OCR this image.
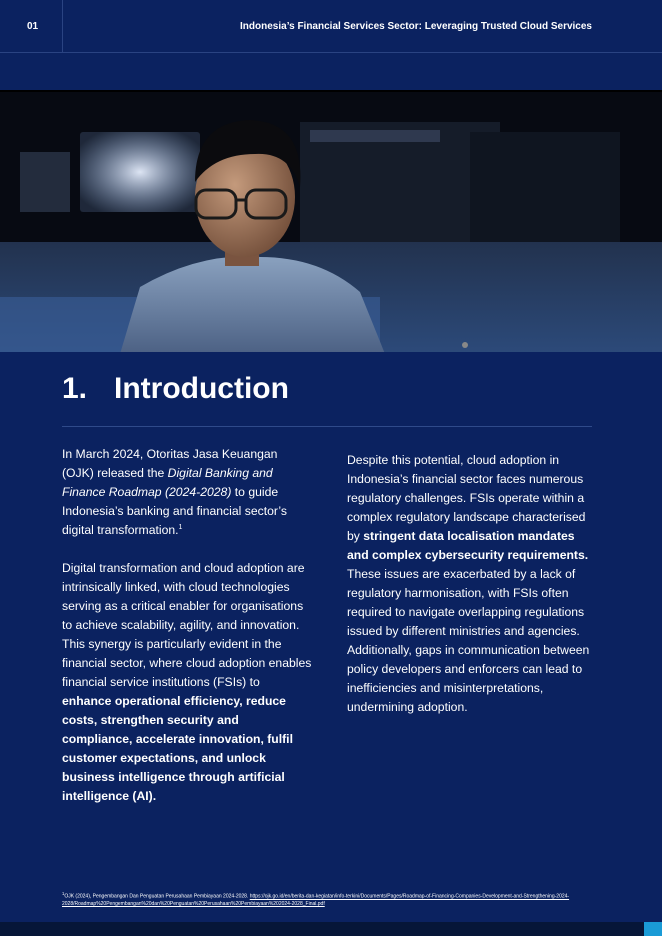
01	Indonesia’s Financial Services Sector: Leveraging Trusted Cloud Services
1. Introduction

In March 2024, Otoritas Jasa Keuangan (OJK) released the Digital Banking and Finance Roadmap (2024-2028) to guide Indonesia’s banking and financial sector’s digital transformation.$^1$

Digital transformation and cloud adoption are intrinsically linked, with cloud technologies serving as a critical enabler for organisations to achieve scalability, agility, and innovation. This synergy is particularly evident in the financial sector, where cloud adoption enables financial service institutions (FSIs) to enhance operational efficiency, reduce costs, strengthen security and compliance, accelerate innovation, fulfil customer expectations, and unlock business intelligence through artificial intelligence (AI).

Despite this potential, cloud adoption in Indonesia’s financial sector faces numerous regulatory challenges. FSIs operate within a complex regulatory landscape characterised by stringent data localisation mandates and complex cybersecurity requirements. These issues are exacerbated by a lack of regulatory harmonisation, with FSIs often required to navigate overlapping regulations issued by different ministries and agencies. Additionally, gaps in communication between policy developers and enforcers can lead to inefficiencies and misinterpretations, undermining adoption.

$^1$OJK (2024), Pengembangan Dan Penguatan Perusahaan Pembiayaan 2024-2028. https://ojk.go.id/en/berita-dan-kegiatan/info-terkini/Documents/Pages/Roadmap-of-Financing-Companies-Development-and-Strengthening-2024-2028/Roadmap%20Pengembangan%20dan%20Penguatan%20Perusahaan%20Pembiayaan%202024-2028_Final.pdf
